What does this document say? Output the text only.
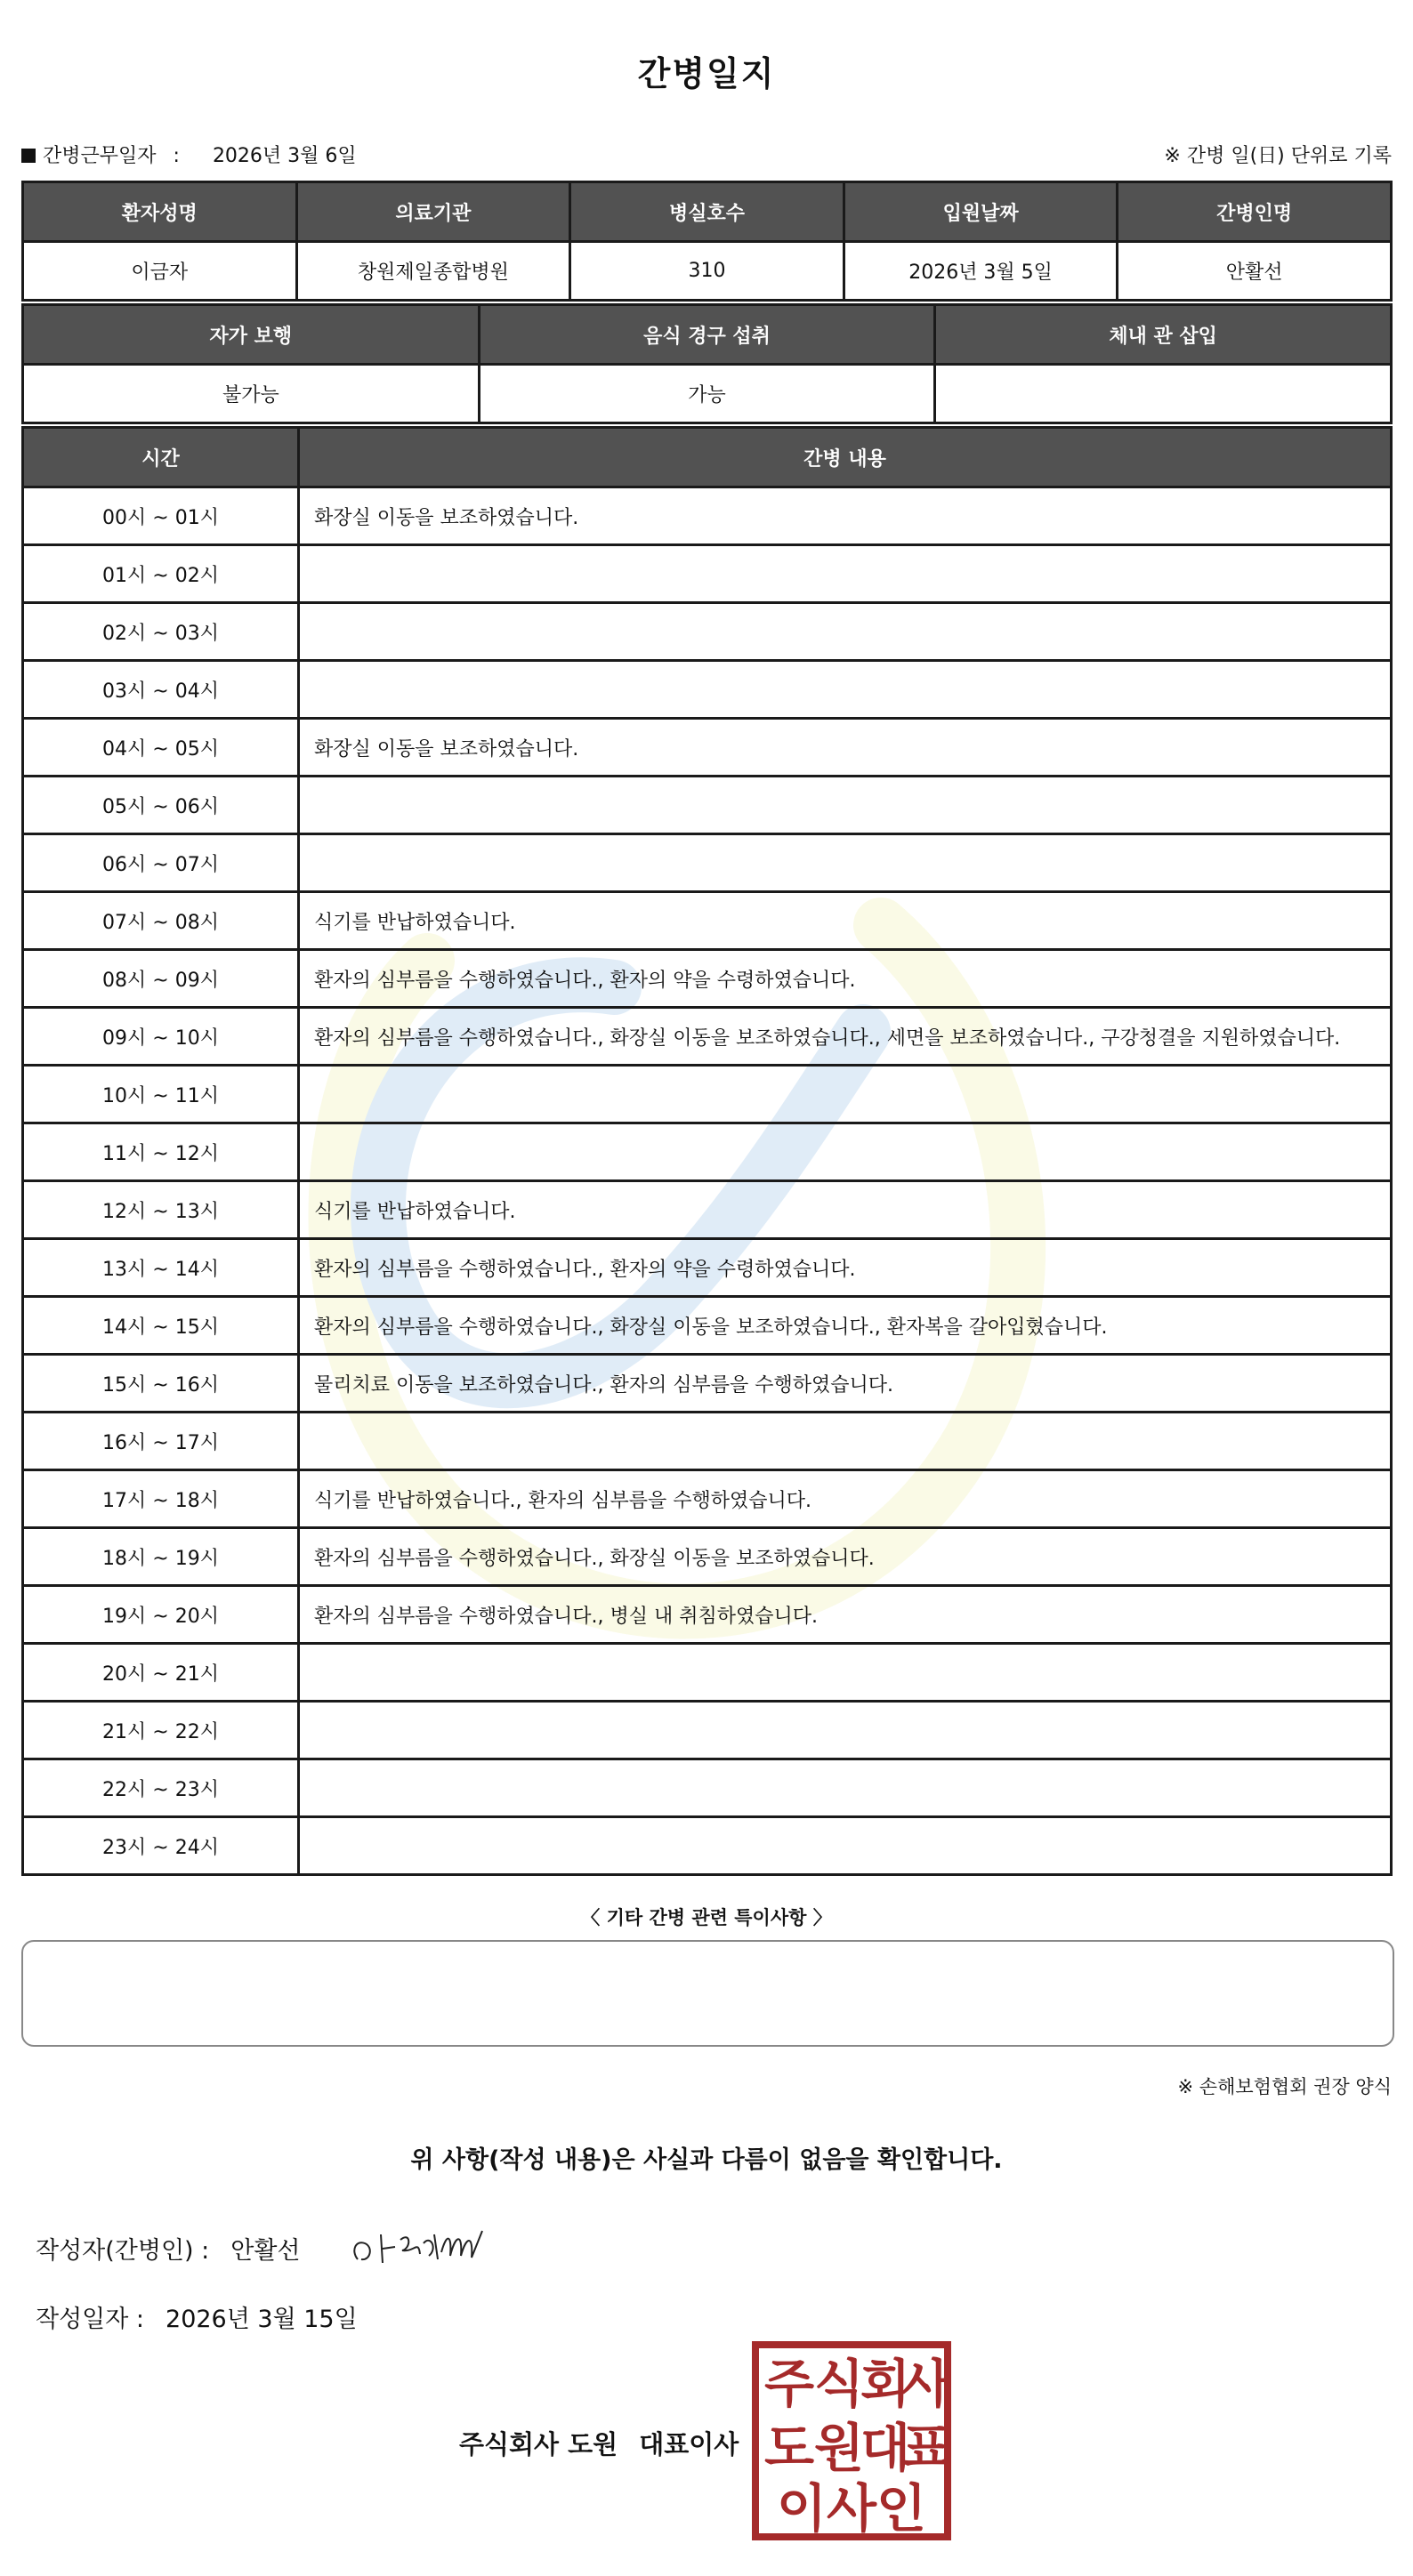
간병일지
간병근무일자 : 2026년 3월 6일	※ 간병 일(日) 단위로 기록
환자성명	의료기관	병실호수	입원날짜	간병인명
이금자	창원제일종합병원	310	2026년 3월 5일	안활선
자가 보행	음식 경구 섭취	체내 관 삽입
불가능	가능	
시간	간병 내용
00시 ~ 01시	화장실 이동을 보조하였습니다.
01시 ~ 02시	
02시 ~ 03시	
03시 ~ 04시	
04시 ~ 05시	화장실 이동을 보조하였습니다.
05시 ~ 06시	
06시 ~ 07시	
07시 ~ 08시	식기를 반납하였습니다.
08시 ~ 09시	환자의 심부름을 수행하였습니다., 환자의 약을 수령하였습니다.
09시 ~ 10시	환자의 심부름을 수행하였습니다., 화장실 이동을 보조하였습니다., 세면을 보조하였습니다., 구강청결을 지원하였습니다.
10시 ~ 11시	
11시 ~ 12시	
12시 ~ 13시	식기를 반납하였습니다.
13시 ~ 14시	환자의 심부름을 수행하였습니다., 환자의 약을 수령하였습니다.
14시 ~ 15시	환자의 심부름을 수행하였습니다., 화장실 이동을 보조하였습니다., 환자복을 갈아입혔습니다.
15시 ~ 16시	물리치료 이동을 보조하였습니다., 환자의 심부름을 수행하였습니다.
16시 ~ 17시	
17시 ~ 18시	식기를 반납하였습니다., 환자의 심부름을 수행하였습니다.
18시 ~ 19시	환자의 심부름을 수행하였습니다., 화장실 이동을 보조하였습니다.
19시 ~ 20시	환자의 심부름을 수행하였습니다., 병실 내 취침하였습니다.
20시 ~ 21시	
21시 ~ 22시	
22시 ~ 23시	
23시 ~ 24시	
〈 기타 간병 관련 특이사항 〉
※ 손해보험협회 권장 양식
위 사항(작성 내용)은 사실과 다름이 없음을 확인합니다.
작성자(간병인) : 안활선
작성일자 : 2026년 3월 15일
주식회사 도원 대표이사
주 식
회
사
도 원
대
표
이 사 인
